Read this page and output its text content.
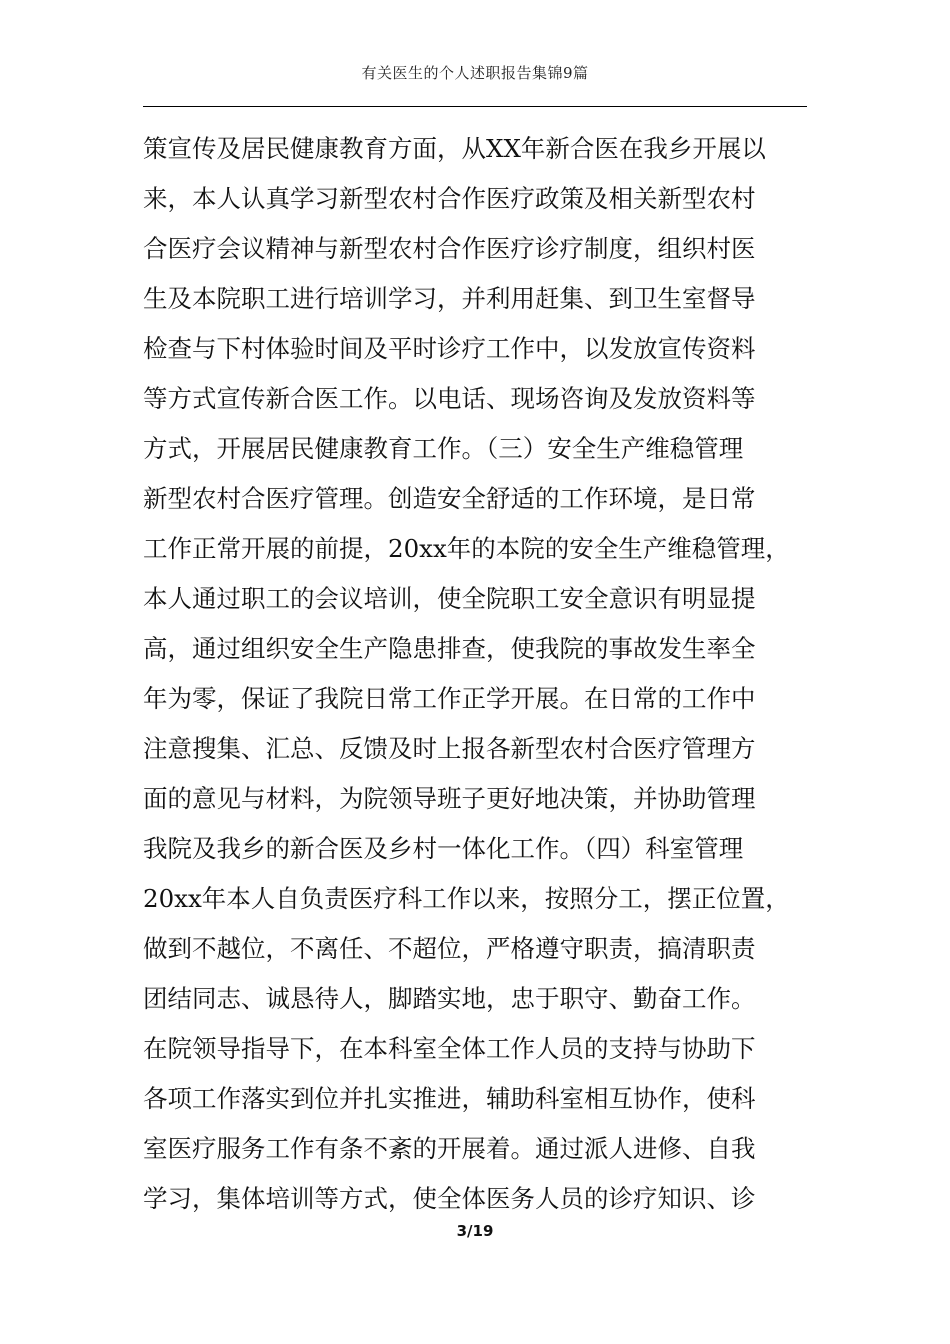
有关医生的个人述职报告集锦9篇
策宣传及居民健康教育方面，从XX年新合医在我乡开展以
来，本人认真学习新型农村合作医疗政策及相关新型农村
合医疗会议精神与新型农村合作医疗诊疗制度，组织村医
生及本院职工进行培训学习，并利用赶集、到卫生室督导
检查与下村体验时间及平时诊疗工作中，以发放宣传资料
等方式宣传新合医工作。以电话、现场咨询及发放资料等
方式，开展居民健康教育工作。（三）安全生产维稳管理
新型农村合医疗管理。创造安全舒适的工作环境，是日常
工作正常开展的前提，20xx年的本院的安全生产维稳管理，
本人通过职工的会议培训，使全院职工安全意识有明显提
高，通过组织安全生产隐患排查，使我院的事故发生率全
年为零，保证了我院日常工作正学开展。在日常的工作中
注意搜集、汇总、反馈及时上报各新型农村合医疗管理方
面的意见与材料，为院领导班子更好地决策，并协助管理
我院及我乡的新合医及乡村一体化工作。（四）科室管理
20xx年本人自负责医疗科工作以来，按照分工，摆正位置，
做到不越位，不离任、不超位，严格遵守职责，搞清职责
团结同志、诚恳待人，脚踏实地，忠于职守、勤奋工作。
在院领导指导下，在本科室全体工作人员的支持与协助下
各项工作落实到位并扎实推进，辅助科室相互协作，使科
室医疗服务工作有条不紊的开展着。通过派人进修、自我
学习，集体培训等方式，使全体医务人员的诊疗知识、诊
3/19
